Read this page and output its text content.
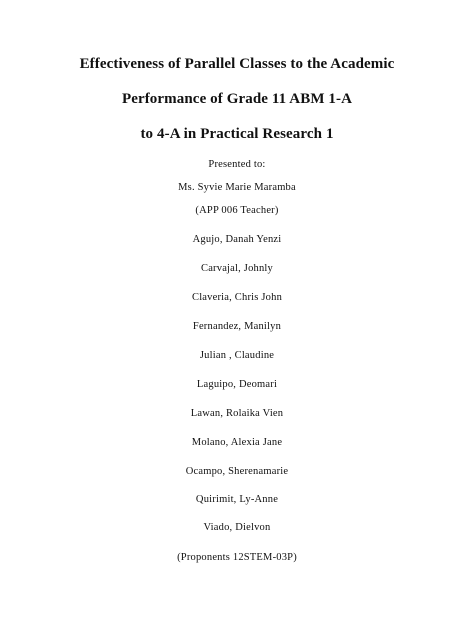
Effectiveness of Parallel Classes to the Academic
Performance of Grade 11 ABM 1-A
to 4-A in Practical Research 1
Presented to:
Ms. Syvie Marie Maramba
(APP 006 Teacher)
Agujo, Danah Yenzi
Carvajal, Johnly
Claveria, Chris John
Fernandez, Manilyn
Julian , Claudine
Laguipo, Deomari
Lawan, Rolaika Vien
Molano, Alexia Jane
Ocampo, Sherenamarie
Quirimit, Ly-Anne
Viado, Dielvon
(Proponents 12STEM-03P)
